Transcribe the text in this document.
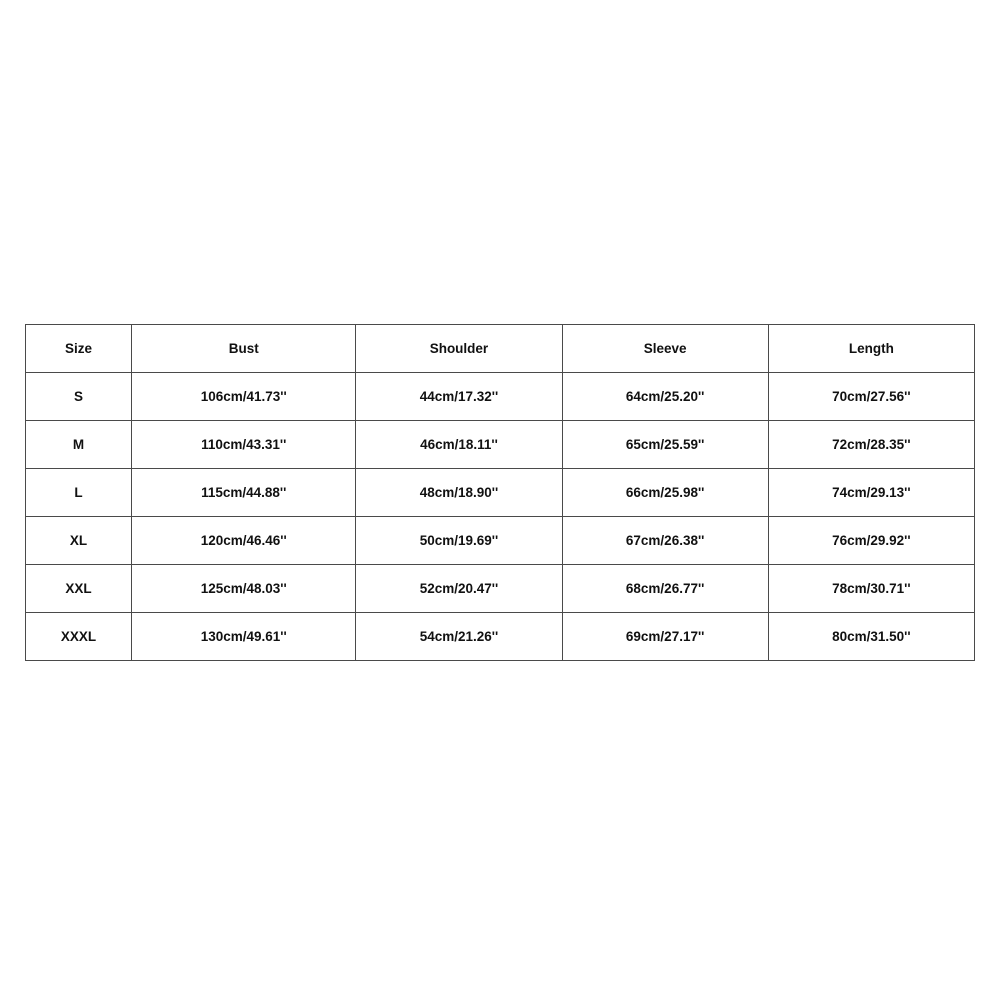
Size	Bust	Shoulder	Sleeve	Length
S	106cm/41.73''	44cm/17.32''	64cm/25.20''	70cm/27.56''
M	110cm/43.31''	46cm/18.11''	65cm/25.59''	72cm/28.35''
L	115cm/44.88''	48cm/18.90''	66cm/25.98''	74cm/29.13''
XL	120cm/46.46''	50cm/19.69''	67cm/26.38''	76cm/29.92''
XXL	125cm/48.03''	52cm/20.47''	68cm/26.77''	78cm/30.71''
XXXL	130cm/49.61''	54cm/21.26''	69cm/27.17''	80cm/31.50''
